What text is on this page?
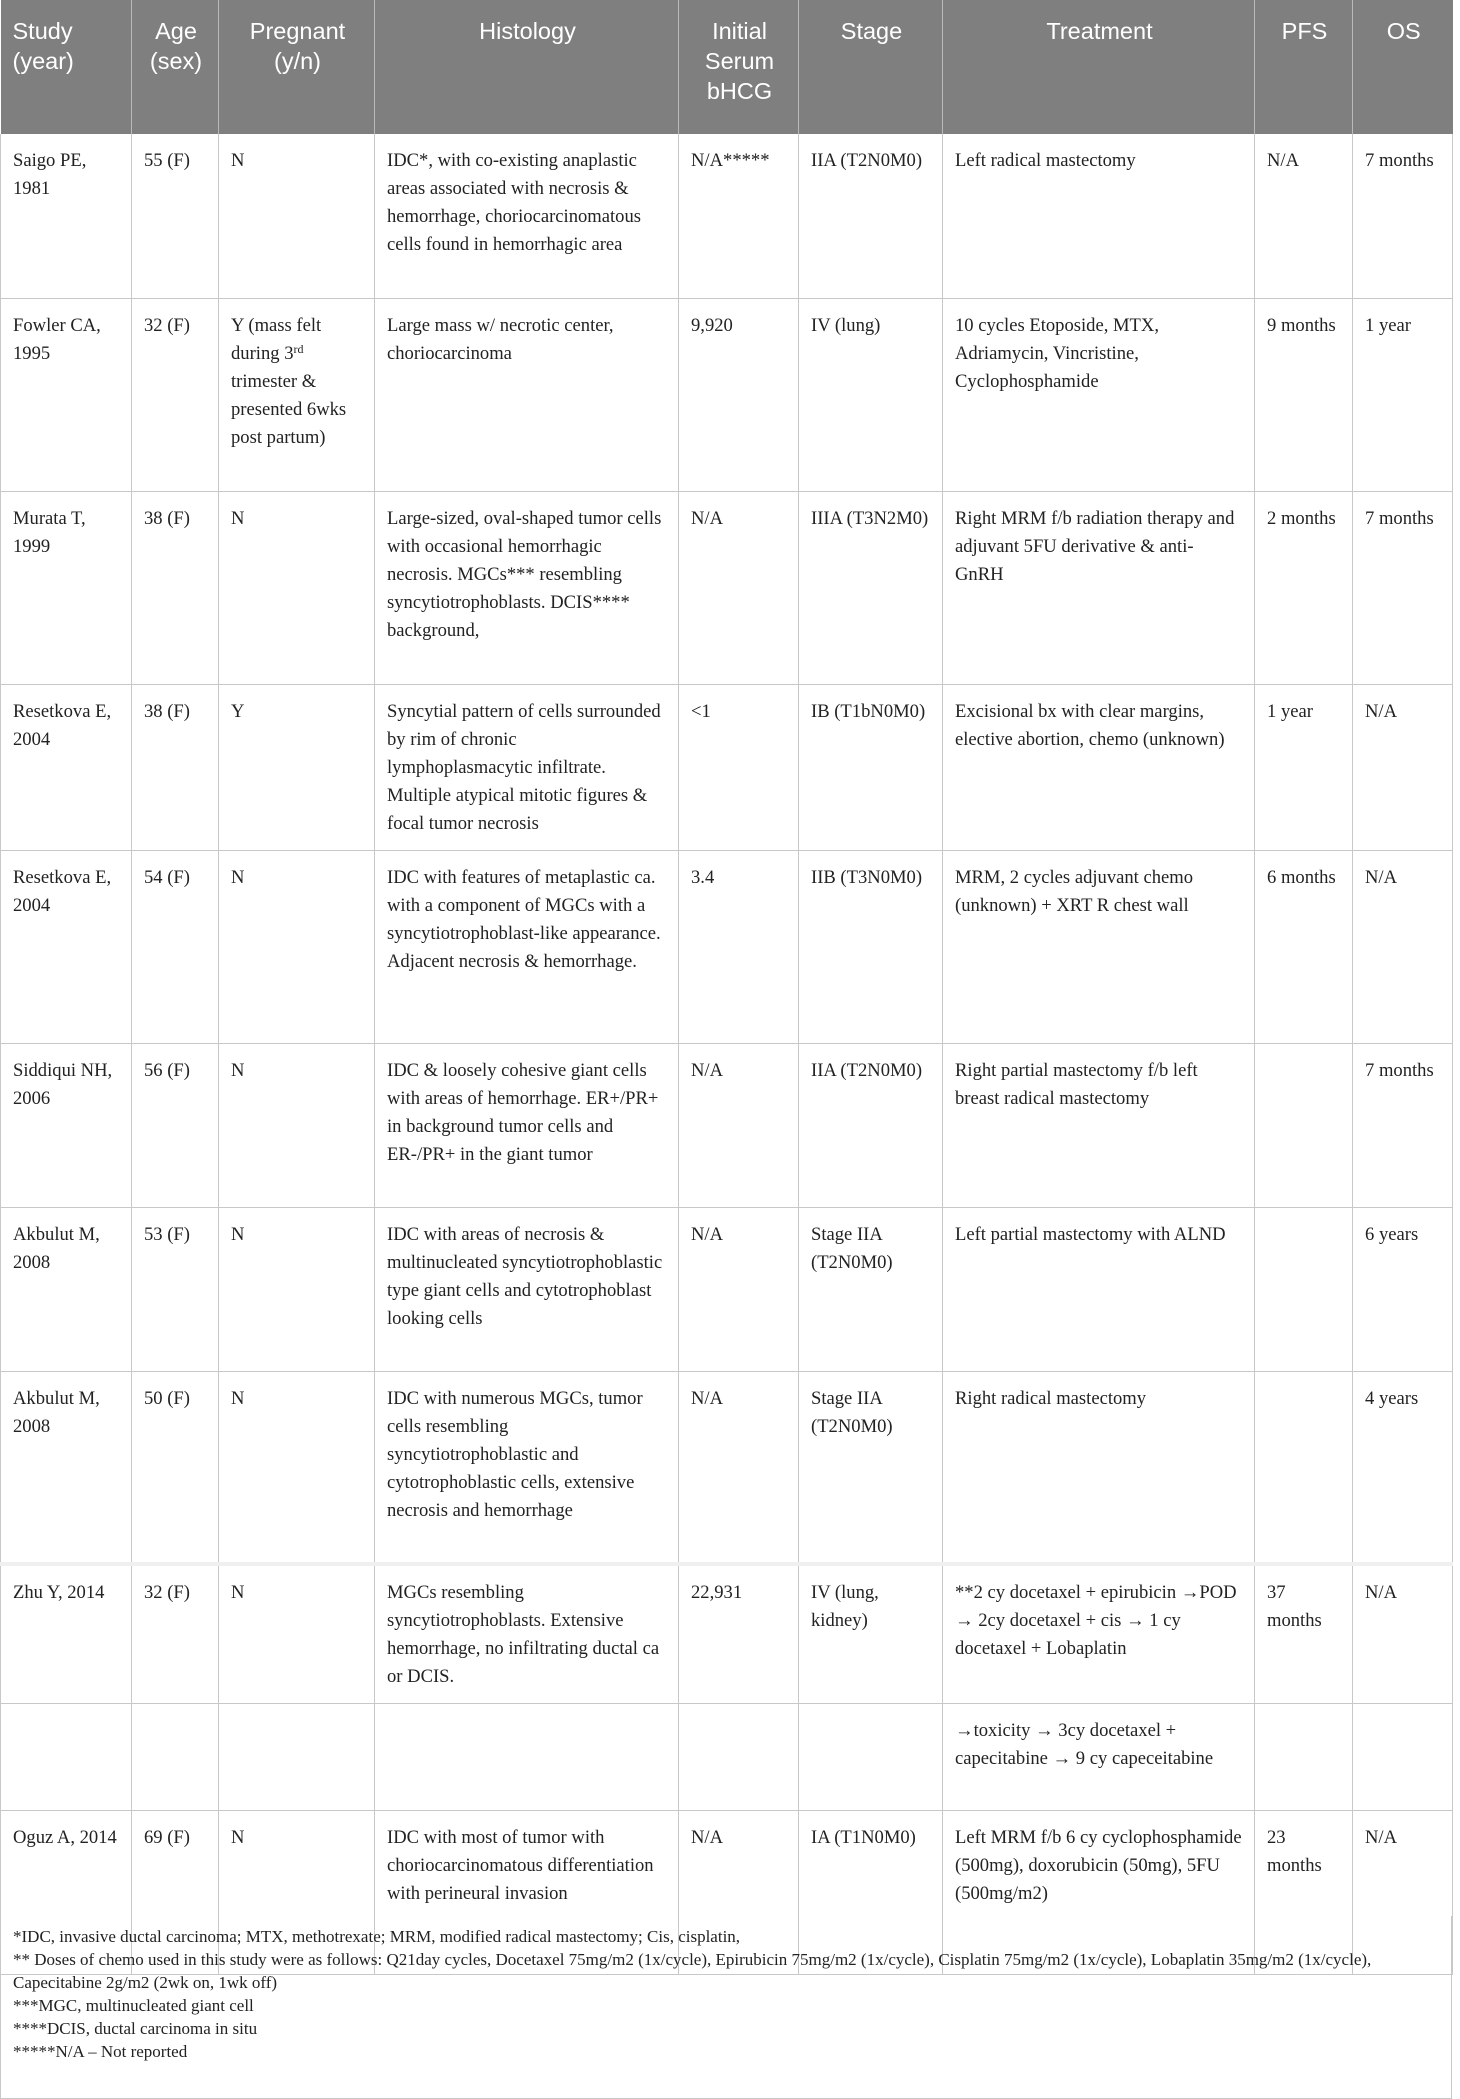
Study (year)	Age (sex)	Pregnant (y/n)	Histology	Initial Serum bHCG	Stage	Treatment	PFS	OS
Saigo PE, 1981	55 (F)	N	IDC*, with co-existing anaplastic areas associated with necrosis & hemorrhage, choriocarcinomatous cells found in hemorrhagic area	N/A*****	IIA (T2N0M0)	Left radical mastectomy	N/A	7 months
Fowler CA, 1995	32 (F)	Y (mass felt during 3rd trimester & presented 6wks post partum)	Large mass w/ necrotic center, choriocarcinoma	9,920	IV (lung)	10 cycles Etoposide, MTX, Adriamycin, Vincristine, Cyclophosphamide	9 months	1 year
Murata T, 1999	38 (F)	N	Large-sized, oval-shaped tumor cells with occasional hemorrhagic necrosis. MGCs*** resembling syncytiotrophoblasts. DCIS**** background,	N/A	IIIA (T3N2M0)	Right MRM f/b radiation therapy and adjuvant 5FU derivative & anti-GnRH	2 months	7 months
Resetkova E, 2004	38 (F)	Y	Syncytial pattern of cells surrounded by rim of chronic lymphoplasmacytic infiltrate. Multiple atypical mitotic figures & focal tumor necrosis	<1	IB (T1bN0M0)	Excisional bx with clear margins, elective abortion, chemo (unknown)	1 year	N/A
Resetkova E, 2004	54 (F)	N	IDC with features of metaplastic ca. with a component of MGCs with a syncytiotrophoblast-like appearance. Adjacent necrosis & hemorrhage.	3.4	IIB (T3N0M0)	MRM, 2 cycles adjuvant chemo (unknown) + XRT R chest wall	6 months	N/A
Siddiqui NH, 2006	56 (F)	N	IDC & loosely cohesive giant cells with areas of hemorrhage. ER+/PR+ in background tumor cells and ER-/PR+ in the giant tumor	N/A	IIA (T2N0M0)	Right partial mastectomy f/b left breast radical mastectomy		7 months
Akbulut M, 2008	53 (F)	N	IDC with areas of necrosis & multinucleated syncytiotrophoblastic type giant cells and cytotrophoblast looking cells	N/A	Stage IIA (T2N0M0)	Left partial mastectomy with ALND		6 years
Akbulut M, 2008	50 (F)	N	IDC with numerous MGCs, tumor cells resembling syncytiotrophoblastic and cytotrophoblastic cells, extensive necrosis and hemorrhage	N/A	Stage IIA (T2N0M0)	Right radical mastectomy		4 years
Zhu Y, 2014	32 (F)	N	MGCs resembling syncytiotrophoblasts. Extensive hemorrhage, no infiltrating ductal ca or DCIS.	22,931	IV (lung, kidney)	**2 cy docetaxel + epirubicin →POD → 2cy docetaxel + cis → 1 cy docetaxel + Lobaplatin	37 months	N/A
						→toxicity → 3cy docetaxel + capecitabine → 9 cy capeceitabine		
Oguz A, 2014	69 (F)	N	IDC with most of tumor with choriocarcinomatous differentiation with perineural invasion	N/A	IA (T1N0M0)	Left MRM f/b 6 cy cyclophosphamide (500mg), doxorubicin (50mg), 5FU (500mg/m2)	23 months	N/A
*IDC, invasive ductal carcinoma; MTX, methotrexate; MRM, modified radical mastectomy; Cis, cisplatin,
** Doses of chemo used in this study were as follows: Q21day cycles, Docetaxel 75mg/m2 (1x/cycle), Epirubicin 75mg/m2 (1x/cycle), Cisplatin 75mg/m2 (1x/cycle), Lobaplatin 35mg/m2 (1x/cycle), Capecitabine 2g/m2 (2wk on, 1wk off)
***MGC, multinucleated giant cell
****DCIS, ductal carcinoma in situ
*****N/A – Not reported
